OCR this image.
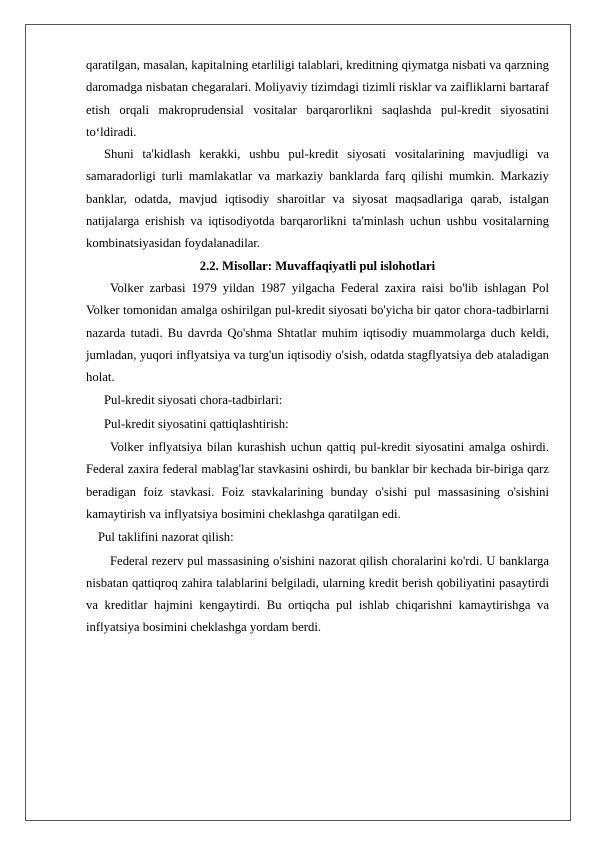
qaratilgan, masalan, kapitalning etarliligi talablari, kreditning qiymatga nisbati va qarzning daromadga nisbatan chegaralari. Moliyaviy tizimdagi tizimli risklar va zaifliklarni bartaraf etish orqali makroprudensial vositalar barqarorlikni saqlashda pul-kredit siyosatini to‘ldiradi.

Shuni ta'kidlash kerakki, ushbu pul-kredit siyosati vositalarining mavjudligi va samaradorligi turli mamlakatlar va markaziy banklarda farq qilishi mumkin. Markaziy banklar, odatda, mavjud iqtisodiy sharoitlar va siyosat maqsadlariga qarab, istalgan natijalarga erishish va iqtisodiyotda barqarorlikni ta'minlash uchun ushbu vositalarning kombinatsiyasidan foydalanadilar.

2.2. Misollar: Muvaffaqiyatli pul islohotlari

Volker zarbasi 1979 yildan 1987 yilgacha Federal zaxira raisi bo'lib ishlagan Pol Volker tomonidan amalga oshirilgan pul-kredit siyosati bo'yicha bir qator chora-tadbirlarni nazarda tutadi. Bu davrda Qo'shma Shtatlar muhim iqtisodiy muammolarga duch keldi, jumladan, yuqori inflyatsiya va turg'un iqtisodiy o'sish, odatda stagflyatsiya deb ataladigan holat.

Pul-kredit siyosati chora-tadbirlari:

Pul-kredit siyosatini qattiqlashtirish:

Volker inflyatsiya bilan kurashish uchun qattiq pul-kredit siyosatini amalga oshirdi. Federal zaxira federal mablag'lar stavkasini oshirdi, bu banklar bir kechada bir-biriga qarz beradigan foiz stavkasi. Foiz stavkalarining bunday o'sishi pul massasining o'sishini kamaytirish va inflyatsiya bosimini cheklashga qaratilgan edi.

Pul taklifini nazorat qilish:

Federal rezerv pul massasining o'sishini nazorat qilish choralarini ko'rdi. U banklarga nisbatan qattiqroq zahira talablarini belgiladi, ularning kredit berish qobiliyatini pasaytirdi va kreditlar hajmini kengaytirdi. Bu ortiqcha pul ishlab chiqarishni kamaytirishga va inflyatsiya bosimini cheklashga yordam berdi.
